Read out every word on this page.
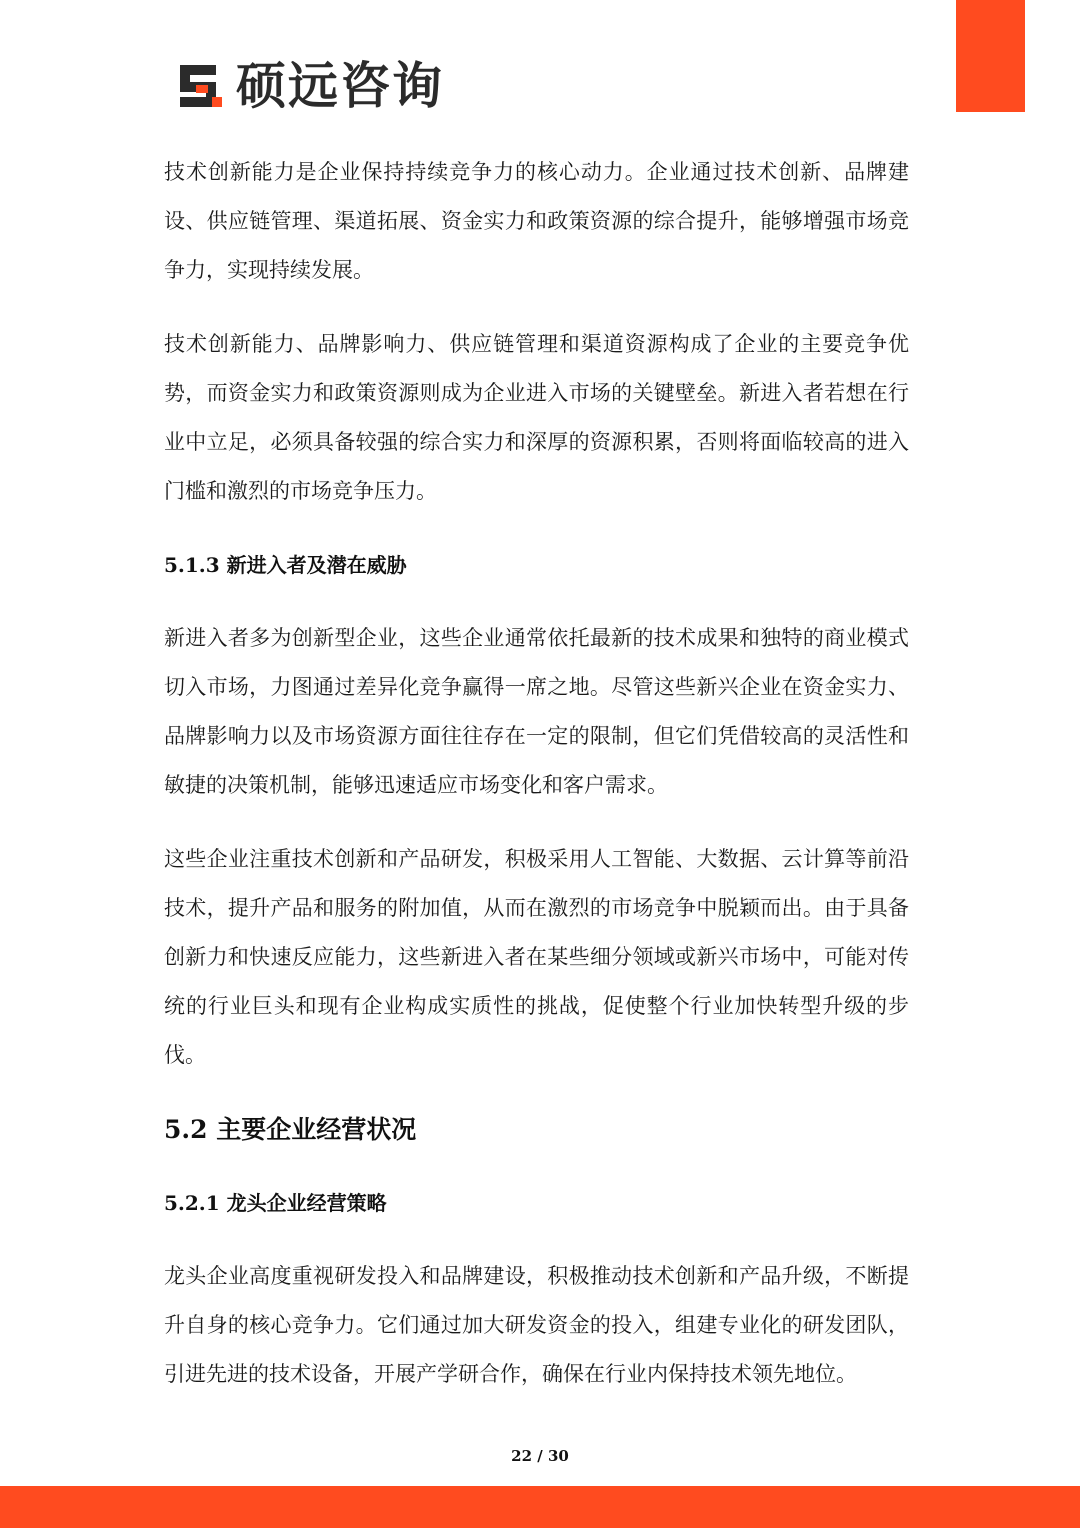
硕远咨询

技术创新能力是企业保持持续竞争力的核心动力。企业通过技术创新、品牌建设、供应链管理、渠道拓展、资金实力和政策资源的综合提升，能够增强市场竞争力，实现持续发展。

技术创新能力、品牌影响力、供应链管理和渠道资源构成了企业的主要竞争优势，而资金实力和政策资源则成为企业进入市场的关键壁垒。新进入者若想在行业中立足，必须具备较强的综合实力和深厚的资源积累，否则将面临较高的进入门槛和激烈的市场竞争压力。

5.1.3 新进入者及潜在威胁

新进入者多为创新型企业，这些企业通常依托最新的技术成果和独特的商业模式切入市场，力图通过差异化竞争赢得一席之地。尽管这些新兴企业在资金实力、品牌影响力以及市场资源方面往往存在一定的限制，但它们凭借较高的灵活性和敏捷的决策机制，能够迅速适应市场变化和客户需求。

这些企业注重技术创新和产品研发，积极采用人工智能、大数据、云计算等前沿技术，提升产品和服务的附加值，从而在激烈的市场竞争中脱颖而出。由于具备创新力和快速反应能力，这些新进入者在某些细分领域或新兴市场中，可能对传统的行业巨头和现有企业构成实质性的挑战，促使整个行业加快转型升级的步伐。

5.2 主要企业经营状况
5.2.1 龙头企业经营策略

龙头企业高度重视研发投入和品牌建设，积极推动技术创新和产品升级，不断提升自身的核心竞争力。它们通过加大研发资金的投入，组建专业化的研发团队，引进先进的技术设备，开展产学研合作，确保在行业内保持技术领先地位。

22 / 30
